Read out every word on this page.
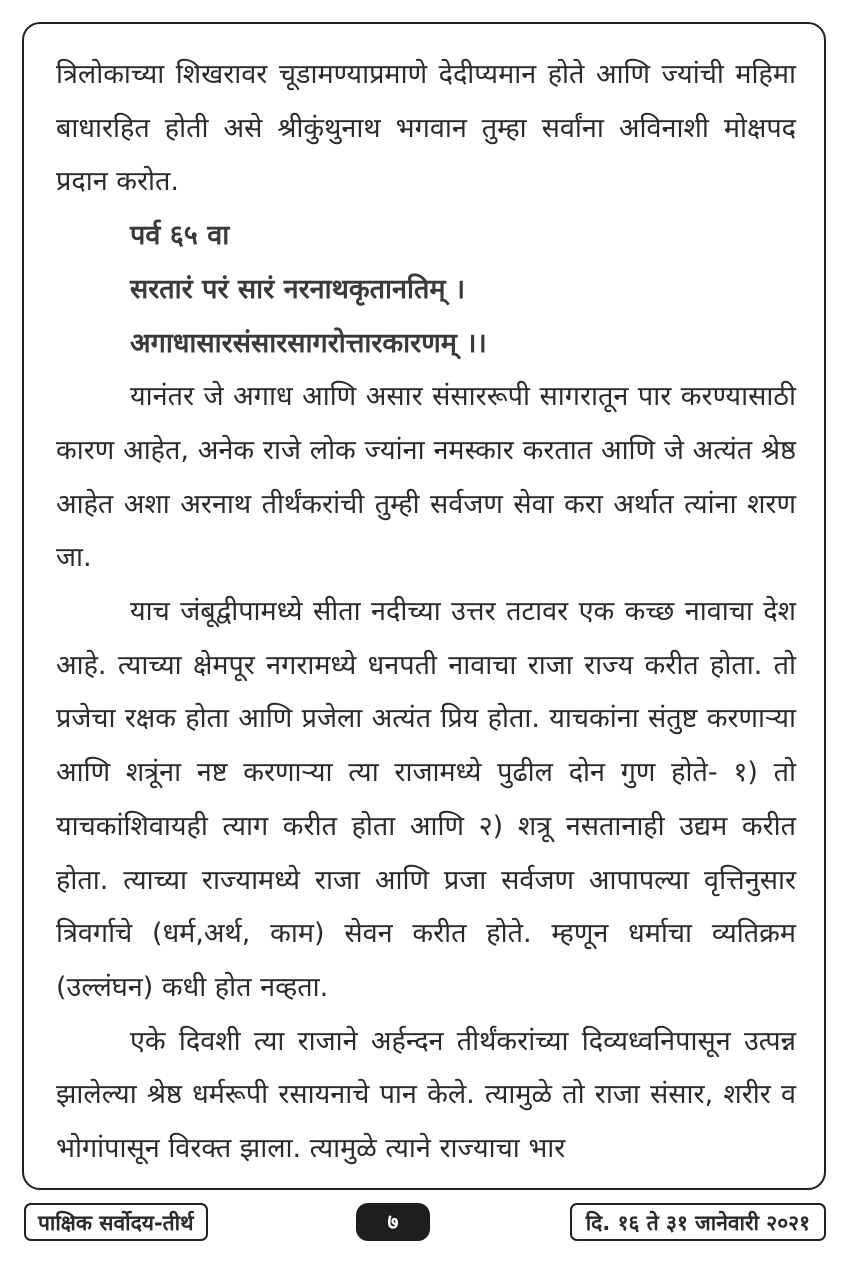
त्रिलोकाच्या शिखरावर चूडामण्याप्रमाणे देदीप्यमान होते आणि ज्यांची महिमा बाधारहित होती असे श्रीकुंथुनाथ भगवान तुम्हा सर्वांना अविनाशी मोक्षपद प्रदान करोत.

पर्व ६५ वा

सरतारं परं सारं नरनाथकृतानतिम् ।

अगाधासारसंसारसागरोत्तारकारणम् ।।

यानंतर जे अगाध आणि असार संसाररूपी सागरातून पार करण्यासाठी कारण आहेत, अनेक राजे लोक ज्यांना नमस्कार करतात आणि जे अत्यंत श्रेष्ठ आहेत अशा अरनाथ तीर्थंकरांची तुम्ही सर्वजण सेवा करा अर्थात त्यांना शरण जा.

याच जंबूद्वीपामध्ये सीता नदीच्या उत्तर तटावर एक कच्छ नावाचा देश आहे. त्याच्या क्षेमपूर नगरामध्ये धनपती नावाचा राजा राज्य करीत होता. तो प्रजेचा रक्षक होता आणि प्रजेला अत्यंत प्रिय होता. याचकांना संतुष्ट करणाऱ्या आणि शत्रूंना नष्ट करणाऱ्या त्या राजामध्ये पुढील दोन गुण होते- १) तो याचकांशिवायही त्याग करीत होता आणि २) शत्रू नसतानाही उद्यम करीत होता. त्याच्या राज्यामध्ये राजा आणि प्रजा सर्वजण आपापल्या वृत्तिनुसार त्रिवर्गाचे (धर्म,अर्थ, काम) सेवन करीत होते. म्हणून धर्माचा व्यतिक्रम (उल्लंघन) कधी होत नव्हता.

एके दिवशी त्या राजाने अर्हन्दन तीर्थंकरांच्या दिव्यध्वनिपासून उत्पन्न झालेल्या श्रेष्ठ धर्मरूपी रसायनाचे पान केले. त्यामुळे तो राजा संसार, शरीर व भोगांपासून विरक्त झाला. त्यामुळे त्याने राज्याचा भार

पाक्षिक सर्वोदय-तीर्थ	७	दि. १६ ते ३१ जानेवारी २०२१
